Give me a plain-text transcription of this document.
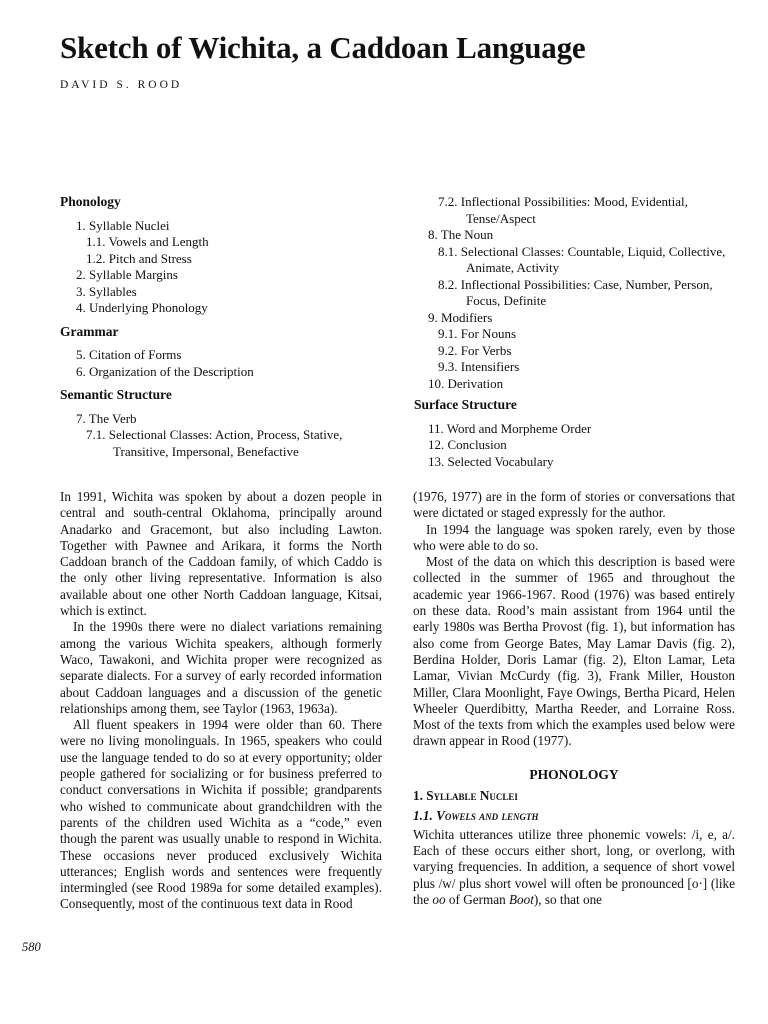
Sketch of Wichita, a Caddoan Language
DAVID S. ROOD
Phonology
1. Syllable Nuclei
1.1. Vowels and Length
1.2. Pitch and Stress
2. Syllable Margins
3. Syllables
4. Underlying Phonology
Grammar
5. Citation of Forms
6. Organization of the Description
Semantic Structure
7. The Verb
7.1. Selectional Classes: Action, Process, Stative, Transitive, Impersonal, Benefactive
7.2. Inflectional Possibilities: Mood, Evidential, Tense/Aspect
8. The Noun
8.1. Selectional Classes: Countable, Liquid, Collective, Animate, Activity
8.2. Inflectional Possibilities: Case, Number, Person, Focus, Definite
9. Modifiers
9.1. For Nouns
9.2. For Verbs
9.3. Intensifiers
10. Derivation
Surface Structure
11. Word and Morpheme Order
12. Conclusion
13. Selected Vocabulary

In 1991, Wichita was spoken by about a dozen people in central and south-central Oklahoma, principally around Anadarko and Gracemont, but also including Lawton. Together with Pawnee and Arikara, it forms the North Caddoan branch of the Caddoan family, of which Caddo is the only other living representative. Information is also available about one other North Caddoan language, Kitsai, which is extinct.

In the 1990s there were no dialect variations remaining among the various Wichita speakers, although formerly Waco, Tawakoni, and Wichita proper were recognized as separate dialects. For a survey of early recorded information about Caddoan languages and a discussion of the genetic relationships among them, see Taylor (1963, 1963a).

All fluent speakers in 1994 were older than 60. There were no living monolinguals. In 1965, speakers who could use the language tended to do so at every opportunity; older people gathered for socializing or for business preferred to conduct conversations in Wichita if possible; grandparents who wished to communicate about grandchildren with the parents of the children used Wichita as a “code,” even though the parent was usually unable to respond in Wichita. These occasions never produced exclusively Wichita utterances; English words and sentences were frequently intermingled (see Rood 1989a for some detailed examples). Consequently, most of the continuous text data in Rood

(1976, 1977) are in the form of stories or conversations that were dictated or staged expressly for the author.

In 1994 the language was spoken rarely, even by those who were able to do so.

Most of the data on which this description is based were collected in the summer of 1965 and throughout the academic year 1966-1967. Rood (1976) was based entirely on these data. Rood’s main assistant from 1964 until the early 1980s was Bertha Provost (fig. 1), but information has also come from George Bates, May Lamar Davis (fig. 2), Berdina Holder, Doris Lamar (fig. 2), Elton Lamar, Leta Lamar, Vivian McCurdy (fig. 3), Frank Miller, Houston Miller, Clara Moonlight, Faye Owings, Bertha Picard, Helen Wheeler Querdibitty, Martha Reeder, and Lorraine Ross. Most of the texts from which the examples used below were drawn appear in Rood (1977).

PHONOLOGY
1. Syllable Nuclei
1.1. Vowels and length

Wichita utterances utilize three phonemic vowels: /i, e, a/. Each of these occurs either short, long, or overlong, with varying frequencies. In addition, a sequence of short vowel plus /w/ plus short vowel will often be pronounced [o·] (like the oo of German Boot), so that one

580
